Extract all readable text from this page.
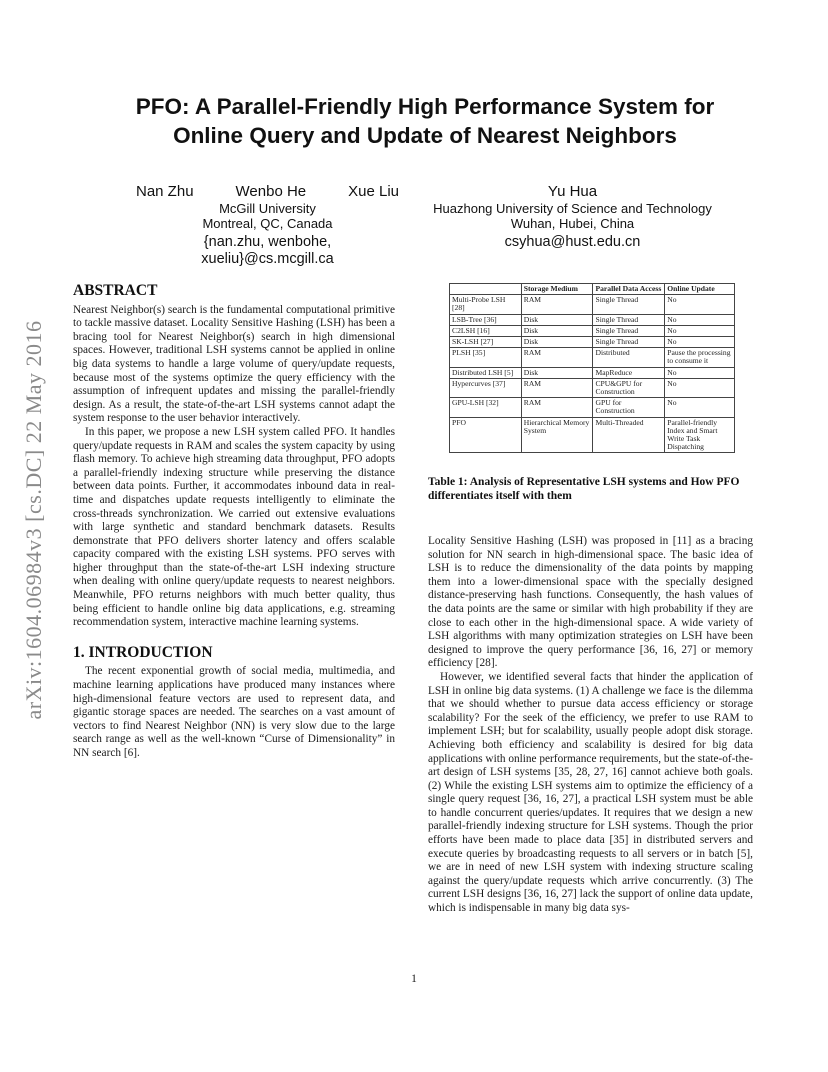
arXiv:1604.06984v3 [cs.DC] 22 May 2016
PFO: A Parallel-Friendly High Performance System for
Online Query and Update of Nearest Neighbors
Nan Zhu	Wenbo He	Xue Liu
McGill University
Montreal, QC, Canada
{nan.zhu, wenbohe,
xueliu}@cs.mcgill.ca
Yu Hua
Huazhong University of Science and Technology
Wuhan, Hubei, China
csyhua@hust.edu.cn
ABSTRACT

Nearest Neighbor(s) search is the fundamental computational primitive to tackle massive dataset. Locality Sensitive Hashing (LSH) has been a bracing tool for Nearest Neighbor(s) search in high dimensional spaces. However, traditional LSH systems cannot be applied in online big data systems to handle a large volume of query/update requests, because most of the systems optimize the query efficiency with the assumption of infrequent updates and missing the parallel-friendly design. As a result, the state-of-the-art LSH systems cannot adapt the system response to the user behavior interactively.

In this paper, we propose a new LSH system called PFO. It handles query/update requests in RAM and scales the system capacity by using flash memory. To achieve high streaming data throughput, PFO adopts a parallel-friendly indexing structure while preserving the distance between data points. Further, it accommodates inbound data in real-time and dispatches update requests intelligently to eliminate the cross-threads synchronization. We carried out extensive evaluations with large synthetic and standard benchmark datasets. Results demonstrate that PFO delivers shorter latency and offers scalable capacity compared with the existing LSH systems. PFO serves with higher throughput than the state-of-the-art LSH indexing structure when dealing with online query/update requests to nearest neighbors. Meanwhile, PFO returns neighbors with much better quality, thus being efficient to handle online big data applications, e.g. streaming recommendation system, interactive machine learning systems.

1. INTRODUCTION

The recent exponential growth of social media, multimedia, and machine learning applications have produced many instances where high-dimensional feature vectors are used to represent data, and gigantic storage spaces are needed. The searches on a vast amount of vectors to find Nearest Neighbor (NN) is very slow due to the large search range as well as the well-known “Curse of Dimensionality” in NN search [6].

	Storage Medium	Parallel Data Access	Online Update
Multi-Probe LSH [28]	RAM	Single Thread	No
LSB-Tree [36]	Disk	Single Thread	No
C2LSH [16]	Disk	Single Thread	No
SK-LSH [27]	Disk	Single Thread	No
PLSH [35]	RAM	Distributed	Pause the processing to consume it
Distributed LSH [5]	Disk	MapReduce	No
Hypercurves [37]	RAM	CPU&GPU for Construction	No
GPU-LSH [32]	RAM	GPU for Construction	No
PFO	Hierarchical Memory System	Multi-Threaded	Parallel-friendly Index and Smart Write Task Dispatching
Table 1: Analysis of Representative LSH systems and How PFO differentiates itself with them

Locality Sensitive Hashing (LSH) was proposed in [11] as a bracing solution for NN search in high-dimensional space. The basic idea of LSH is to reduce the dimensionality of the data points by mapping them into a lower-dimensional space with the specially designed distance-preserving hash functions. Consequently, the hash values of the data points are the same or similar with high probability if they are close to each other in the high-dimensional space. A wide variety of LSH algorithms with many optimization strategies on LSH have been designed to improve the query performance [36, 16, 27] or memory efficiency [28].

However, we identified several facts that hinder the application of LSH in online big data systems. (1) A challenge we face is the dilemma that we should whether to pursue data access efficiency or storage scalability? For the seek of the efficiency, we prefer to use RAM to implement LSH; but for scalability, usually people adopt disk storage. Achieving both efficiency and scalability is desired for big data applications with online performance requirements, but the state-of-the-art design of LSH systems [35, 28, 27, 16] cannot achieve both goals. (2) While the existing LSH systems aim to optimize the efficiency of a single query request [36, 16, 27], a practical LSH system must be able to handle concurrent queries/updates. It requires that we design a new parallel-friendly indexing structure for LSH systems. Though the prior efforts have been made to place data [35] in distributed servers and execute queries by broadcasting requests to all servers or in batch [5], we are in need of new LSH system with indexing structure scaling against the query/update requests which arrive concurrently. (3) The current LSH designs [36, 16, 27] lack the support of online data update, which is indispensable in many big data sys-

1
